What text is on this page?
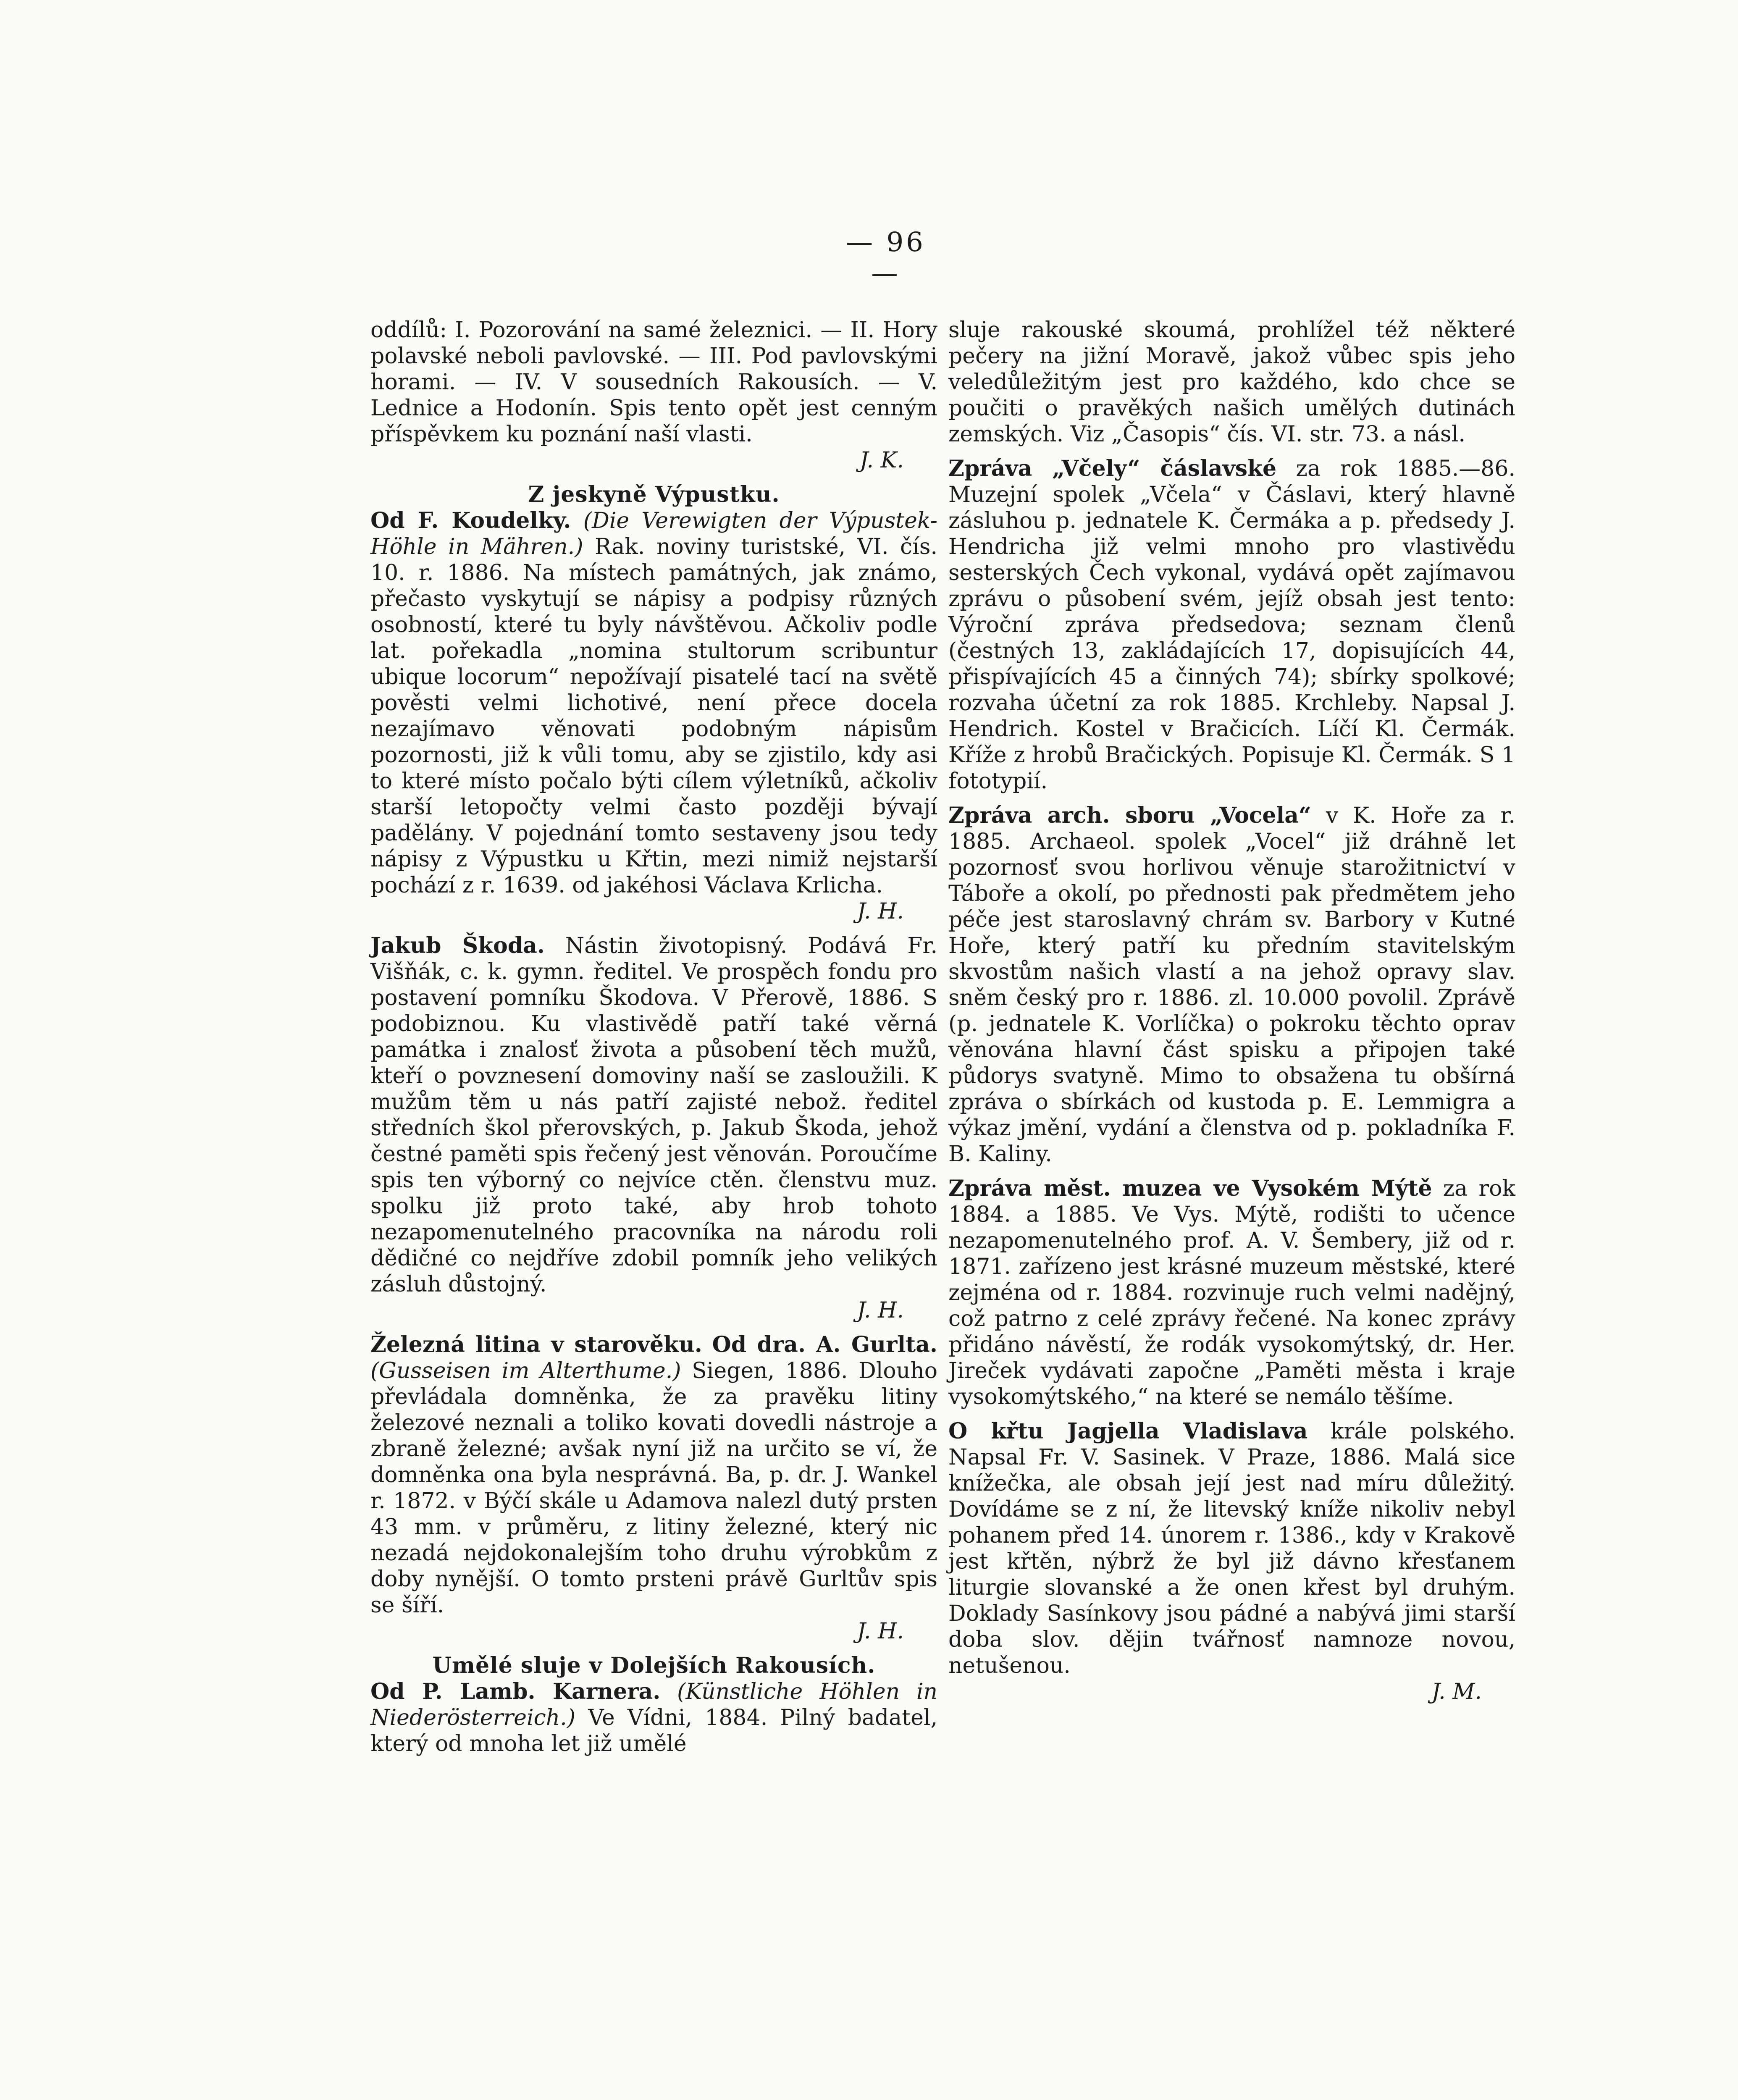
— 96 —

oddílů: I. Pozorování na samé železnici. — II. Hory polavské neboli pavlovské. — III. Pod pavlovskými horami. — IV. V sousedních Rakousích. — V. Lednice a Hodonín. Spis tento opět jest cenným příspěvkem ku poznání naší vlasti.
J. K.

Z jeskyně Výpustku.

Od F. Koudelky. (Die Verewigten der Výpustek-Höhle in Mähren.) Rak. noviny turistské, VI. čís. 10. r. 1886. Na místech památných, jak známo, přečasto vyskytují se nápisy a podpisy různých osobností, které tu byly návštěvou. Ačkoliv podle lat. pořekadla „nomina stultorum scribuntur ubique locorum“ nepožívají pisatelé tací na světě pověsti velmi lichotivé, není přece docela nezajímavo věnovati podobným nápisům pozornosti, již k vůli tomu, aby se zjistilo, kdy asi to které místo počalo býti cílem výletníků, ačkoliv starší letopočty velmi často později bývají padělány. V pojednání tomto sestaveny jsou tedy nápisy z Výpustku u Křtin, mezi nimiž nejstarší pochází z r. 1639. od jakéhosi Václava Krlicha.
J. H.

Jakub Škoda. Nástin životopisný. Podává Fr. Višňák, c. k. gymn. ředitel. Ve prospěch fondu pro postavení pomníku Škodova. V Přerově, 1886. S podobiznou. Ku vlastivědě patří také věrná památka i znalosť života a působení těch mužů, kteří o povznesení domoviny naší se zasloužili. K mužům těm u nás patří zajisté nebož. ředitel středních škol přerovských, p. Jakub Škoda, jehož čestné paměti spis řečený jest věnován. Poroučíme spis ten výborný co nejvíce ctěn. členstvu muz. spolku již proto také, aby hrob tohoto nezapomenutelného pracovníka na národu roli dědičné co nejdříve zdobil pomník jeho velikých zásluh důstojný.
J. H.

Železná litina v starověku. Od dra. A. Gurlta. (Gusseisen im Alterthume.) Siegen, 1886. Dlouho převládala domněnka, že za pravěku litiny železové neznali a toliko kovati dovedli nástroje a zbraně železné; avšak nyní již na určito se ví, že domněnka ona byla nesprávná. Ba, p. dr. J. Wankel r. 1872. v Býčí skále u Adamova nalezl dutý prsten 43 mm. v průměru, z litiny železné, který nic nezadá nejdokonalejším toho druhu výrobkům z doby nynější. O tomto prsteni právě Gurltův spis se šíří.
J. H.

Umělé sluje v Dolejších Rakousích.

Od P. Lamb. Karnera. (Künstliche Höhlen in Niederösterreich.) Ve Vídni, 1884. Pilný badatel, který od mnoha let již umělé

sluje rakouské skoumá, prohlížel též některé pečery na jižní Moravě, jakož vůbec spis jeho veledůležitým jest pro každého, kdo chce se poučiti o pravěkých našich umělých dutinách zemských. Viz „Časopis“ čís. VI. str. 73. a násl.

Zpráva „Včely“ čáslavské za rok 1885.—86. Muzejní spolek „Včela“ v Čáslavi, který hlavně zásluhou p. jednatele K. Čermáka a p. předsedy J. Hendricha již velmi mnoho pro vlastivědu sesterských Čech vykonal, vydává opět zajímavou zprávu o působení svém, jejíž obsah jest tento: Výroční zpráva předsedova; seznam členů (čestných 13, zakládajících 17, dopisujících 44, přispívajících 45 a činných 74); sbírky spolkové; rozvaha účetní za rok 1885. Krchleby. Napsal J. Hendrich. Kostel v Bračicích. Líčí Kl. Čermák. Kříže z hrobů Bračických. Popisuje Kl. Čermák. S 1 fototypií.

Zpráva arch. sboru „Vocela“ v K. Hoře za r. 1885. Archaeol. spolek „Vocel“ již dráhně let pozornosť svou horlivou věnuje starožitnictví v Táboře a okolí, po přednosti pak předmětem jeho péče jest staroslavný chrám sv. Barbory v Kutné Hoře, který patří ku předním stavitelským skvostům našich vlastí a na jehož opravy slav. sněm český pro r. 1886. zl. 10.000 povolil. Zprávě (p. jednatele K. Vorlíčka) o pokroku těchto oprav věnována hlavní část spisku a připojen také půdorys svatyně. Mimo to obsažena tu obšírná zpráva o sbírkách od kustoda p. E. Lemmigra a výkaz jmění, vydání a členstva od p. pokladníka F. B. Kaliny.

Zpráva měst. muzea ve Vysokém Mýtě za rok 1884. a 1885. Ve Vys. Mýtě, rodišti to učence nezapomenutelného prof. A. V. Šembery, již od r. 1871. zařízeno jest krásné muzeum městské, které zejména od r. 1884. rozvinuje ruch velmi nadějný, což patrno z celé zprávy řečené. Na konec zprávy přidáno návěstí, že rodák vysokomýtský, dr. Her. Jireček vydávati započne „Paměti města i kraje vysokomýtského,“ na které se nemálo těšíme.

O křtu Jagjella Vladislava krále polského. Napsal Fr. V. Sasinek. V Praze, 1886. Malá sice knížečka, ale obsah její jest nad míru důležitý. Dovídáme se z ní, že litevský kníže nikoliv nebyl pohanem před 14. únorem r. 1386., kdy v Krakově jest křtěn, nýbrž že byl již dávno křesťanem liturgie slovanské a že onen křest byl druhým. Doklady Sasínkovy jsou pádné a nabývá jimi starší doba slov. dějin tvářnosť namnoze novou, netušenou.
J. M.
